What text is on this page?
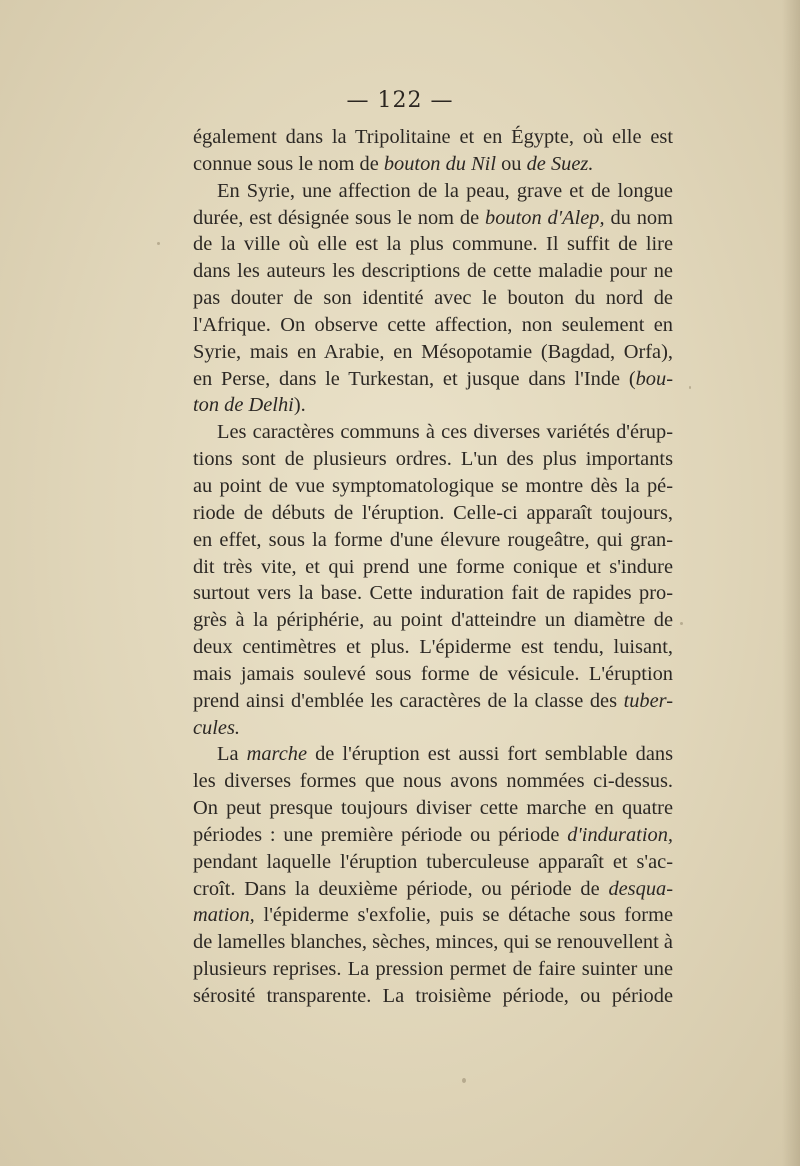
— 122 —
également dans la Tripolitaine et en Égypte, où elle est
connue sous le nom de bouton du Nil ou de Suez.
En Syrie, une affection de la peau, grave et de longue
durée, est désignée sous le nom de bouton d'Alep, du nom
de la ville où elle est la plus commune. Il suffit de lire
dans les auteurs les descriptions de cette maladie pour ne
pas douter de son identité avec le bouton du nord de
l'Afrique. On observe cette affection, non seulement en
Syrie, mais en Arabie, en Mésopotamie (Bagdad, Orfa),
en Perse, dans le Turkestan, et jusque dans l'Inde (bou-
ton de Delhi).
Les caractères communs à ces diverses variétés d'érup-
tions sont de plusieurs ordres. L'un des plus importants
au point de vue symptomatologique se montre dès la pé-
riode de débuts de l'éruption. Celle-ci apparaît toujours,
en effet, sous la forme d'une élevure rougeâtre, qui gran-
dit très vite, et qui prend une forme conique et s'indure
surtout vers la base. Cette induration fait de rapides pro-
grès à la périphérie, au point d'atteindre un diamètre de
deux centimètres et plus. L'épiderme est tendu, luisant,
mais jamais soulevé sous forme de vésicule. L'éruption
prend ainsi d'emblée les caractères de la classe des tuber-
cules.
La marche de l'éruption est aussi fort semblable dans
les diverses formes que nous avons nommées ci-dessus.
On peut presque toujours diviser cette marche en quatre
périodes : une première période ou période d'induration,
pendant laquelle l'éruption tuberculeuse apparaît et s'ac-
croît. Dans la deuxième période, ou période de desqua-
mation, l'épiderme s'exfolie, puis se détache sous forme
de lamelles blanches, sèches, minces, qui se renouvellent à
plusieurs reprises. La pression permet de faire suinter une
sérosité transparente. La troisième période, ou période
